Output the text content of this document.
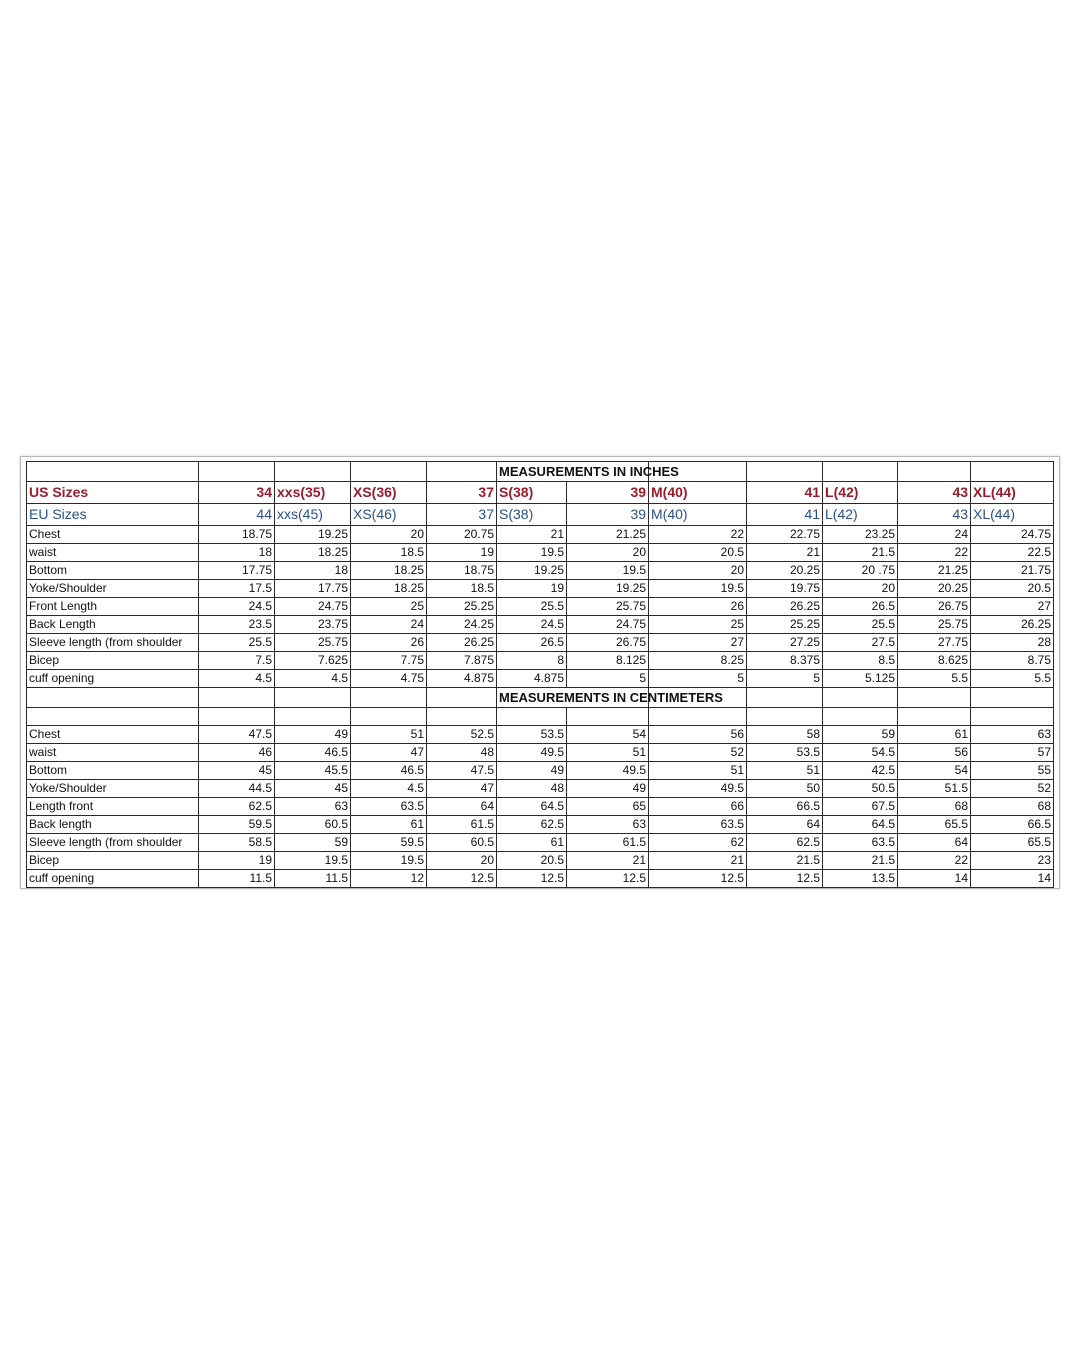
					MEASUREMENTS IN INCHES						
US Sizes	34	xxs(35)	XS(36)	37	S(38)	39	M(40)	41	L(42)	43	XL(44)
EU Sizes	44	xxs(45)	XS(46)	37	S(38)	39	M(40)	41	L(42)	43	XL(44)
Chest	18.75	19.25	20	20.75	21	21.25	22	22.75	23.25	24	24.75
waist	18	18.25	18.5	19	19.5	20	20.5	21	21.5	22	22.5
Bottom	17.75	18	18.25	18.75	19.25	19.5	20	20.25	20 .75	21.25	21.75
Yoke/Shoulder	17.5	17.75	18.25	18.5	19	19.25	19.5	19.75	20	20.25	20.5
Front Length	24.5	24.75	25	25.25	25.5	25.75	26	26.25	26.5	26.75	27
Back Length	23.5	23.75	24	24.25	24.5	24.75	25	25.25	25.5	25.75	26.25
Sleeve length (from shoulder	25.5	25.75	26	26.25	26.5	26.75	27	27.25	27.5	27.75	28
Bicep	7.5	7.625	7.75	7.875	8	8.125	8.25	8.375	8.5	8.625	8.75
cuff opening	4.5	4.5	4.75	4.875	4.875	5	5	5	5.125	5.5	5.5
					MEASUREMENTS IN CENTIMETERS						

Chest	47.5	49	51	52.5	53.5	54	56	58	59	61	63
waist	46	46.5	47	48	49.5	51	52	53.5	54.5	56	57
Bottom	45	45.5	46.5	47.5	49	49.5	51	51	42.5	54	55
Yoke/Shoulder	44.5	45	4.5	47	48	49	49.5	50	50.5	51.5	52
Length front	62.5	63	63.5	64	64.5	65	66	66.5	67.5	68	68
Back length	59.5	60.5	61	61.5	62.5	63	63.5	64	64.5	65.5	66.5
Sleeve length (from shoulder	58.5	59	59.5	60.5	61	61.5	62	62.5	63.5	64	65.5
Bicep	19	19.5	19.5	20	20.5	21	21	21.5	21.5	22	23
cuff opening	11.5	11.5	12	12.5	12.5	12.5	12.5	12.5	13.5	14	14
